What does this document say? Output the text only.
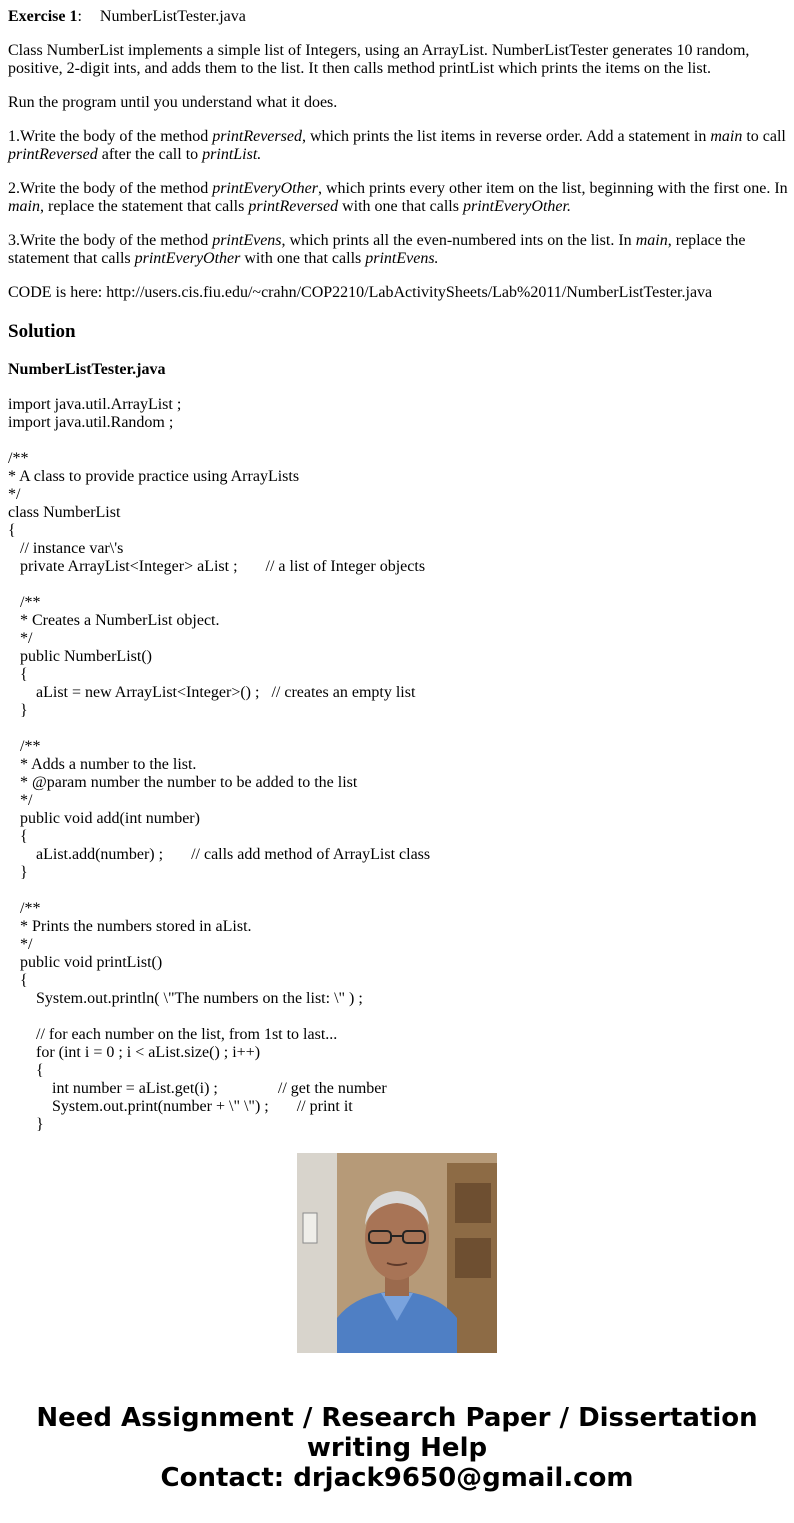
Exercise 1: NumberListTester.java
Class NumberList implements a simple list of Integers, using an ArrayList. NumberListTester generates 10 random, positive, 2-digit ints, and adds them to the list. It then calls method printList which prints the items on the list.
Run the program until you understand what it does.
1.Write the body of the method printReversed, which prints the list items in reverse order. Add a statement in main to call printReversed after the call to printList.
2.Write the body of the method printEveryOther, which prints every other item on the list, beginning with the first one. In main, replace the statement that calls printReversed with one that calls printEveryOther.
3.Write the body of the method printEvens, which prints all the even-numbered ints on the list. In main, replace the statement that calls printEveryOther with one that calls printEvens.
CODE is here: http://users.cis.fiu.edu/~crahn/COP2210/LabActivitySheets/Lab%2011/NumberListTester.java
Solution
NumberListTester.java
import java.util.ArrayList ;
import java.util.Random ;
/**
* A class to provide practice using ArrayLists
*/
class NumberList
{
// instance var\'s
private ArrayList<Integer> aList ;       // a list of Integer objects
/**
* Creates a NumberList object.
*/
public NumberList()
{
aList = new ArrayList<Integer>() ;   // creates an empty list
}
/**
* Adds a number to the list.
* @param number the number to be added to the list
*/
public void add(int number)
{
aList.add(number) ;       // calls add method of ArrayList class
}
/**
* Prints the numbers stored in aList.
*/
public void printList()
{
System.out.println( \"The numbers on the list: \" ) ;
// for each number on the list, from 1st to last...
for (int i = 0 ; i < aList.size() ; i++)
{
int number = aList.get(i) ;               // get the number
System.out.print(number + \" \") ;       // print it
}
Need Assignment / Research Paper / Dissertation
writing Help
Contact: drjack9650@gmail.com
